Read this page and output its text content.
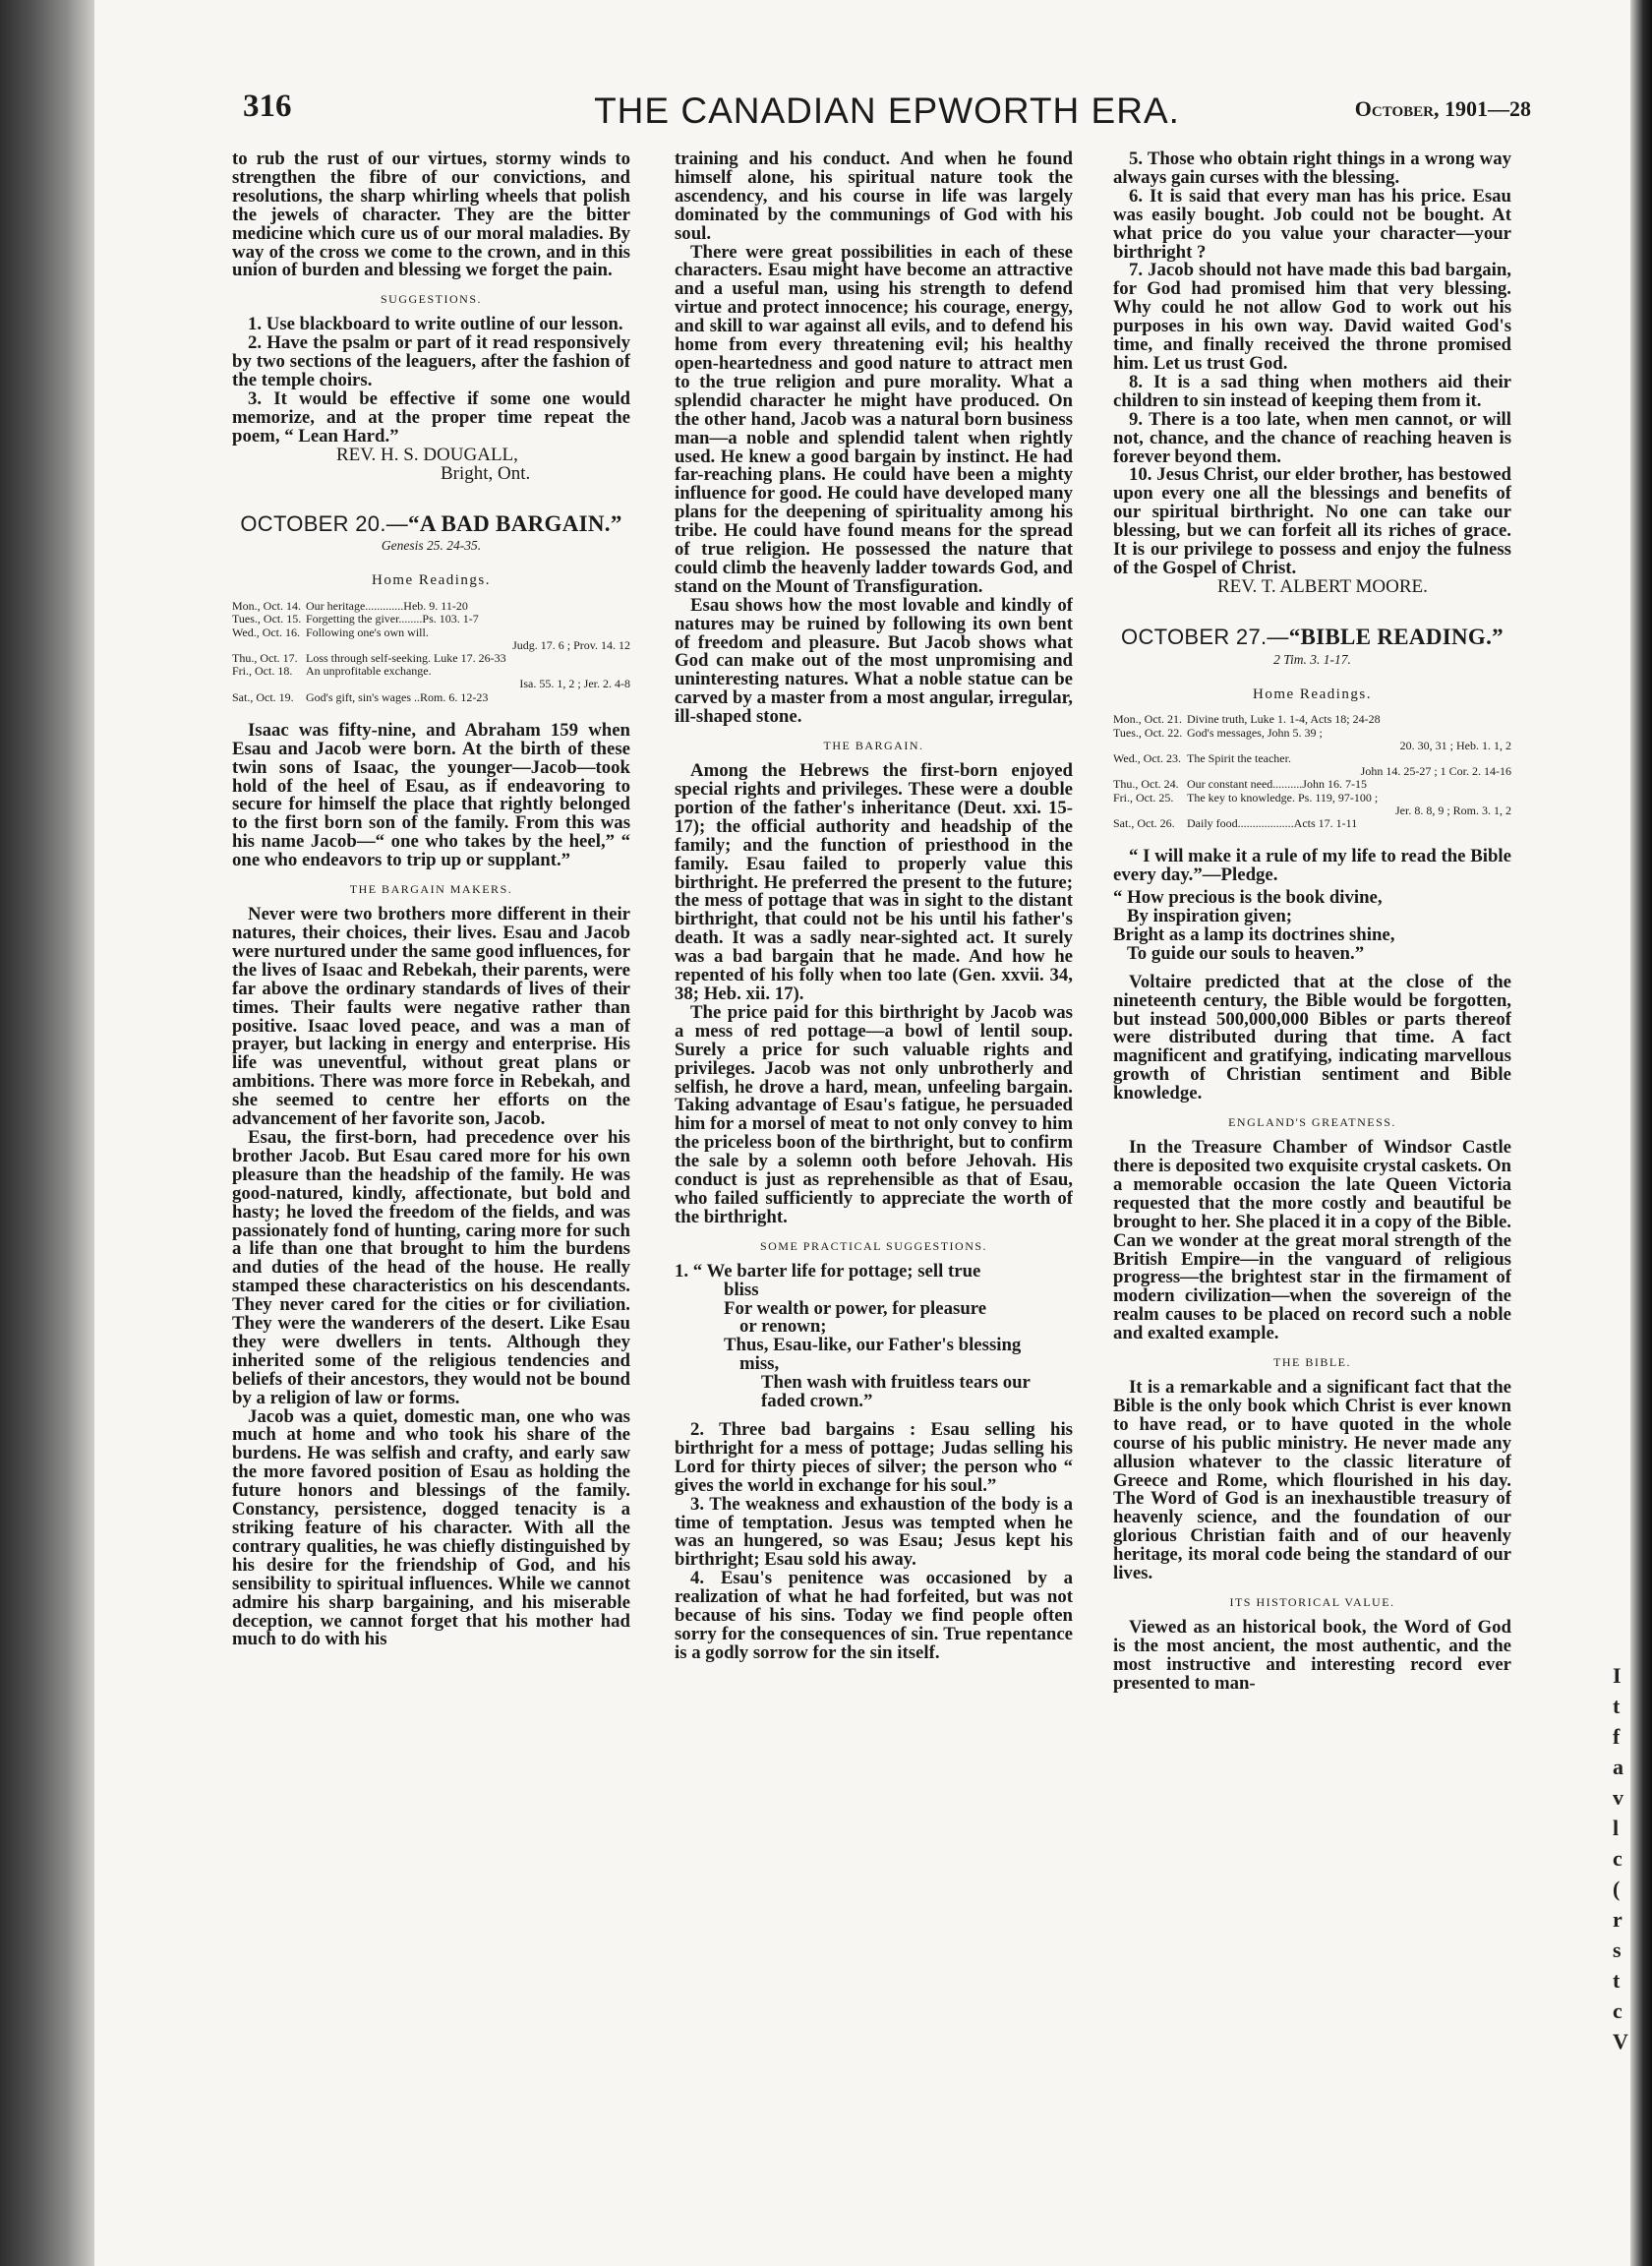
I
t
f
a
v
l
c
(
r
s
t
c
V
316	THE CANADIAN EPWORTH ERA.	October, 1901—28

to rub the rust of our virtues, stormy winds to strengthen the fibre of our convictions, and resolutions, the sharp whirling wheels that polish the jewels of character. They are the bitter medicine which cure us of our moral maladies. By way of the cross we come to the crown, and in this union of burden and blessing we forget the pain.

SUGGESTIONS.

1. Use blackboard to write outline of our lesson.

2. Have the psalm or part of it read responsively by two sections of the leaguers, after the fashion of the temple choirs.

3. It would be effective if some one would memorize, and at the proper time repeat the poem, “ Lean Hard.”

REV. H. S. DOUGALL,
Bright, Ont.
OCTOBER 20.—“A BAD BARGAIN.”
Genesis 25. 24-35.
Home Readings.
Mon., Oct. 14. Our heritage.............Heb. 9. 11-20
Tues., Oct. 15. Forgetting the giver........Ps. 103. 1-7
Wed., Oct. 16. Following one's own will.
Judg. 17. 6 ; Prov. 14. 12
Thu., Oct. 17. Loss through self-seeking. Luke 17. 26-33
Fri., Oct. 18.	An unprofitable exchange.
Isa. 55. 1, 2 ; Jer. 2. 4-8
Sat., Oct. 19.	God's gift, sin's wages ..Rom. 6. 12-23

Isaac was fifty-nine, and Abraham 159 when Esau and Jacob were born. At the birth of these twin sons of Isaac, the younger—Jacob—took hold of the heel of Esau, as if endeavoring to secure for himself the place that rightly belonged to the first born son of the family. From this was his name Jacob—“ one who takes by the heel,” “ one who endeavors to trip up or supplant.”

THE BARGAIN MAKERS.

Never were two brothers more different in their natures, their choices, their lives. Esau and Jacob were nurtured under the same good influences, for the lives of Isaac and Rebekah, their parents, were far above the ordinary standards of lives of their times. Their faults were negative rather than positive. Isaac loved peace, and was a man of prayer, but lacking in energy and enterprise. His life was uneventful, without great plans or ambitions. There was more force in Rebekah, and she seemed to centre her efforts on the advancement of her favorite son, Jacob.

Esau, the first-born, had precedence over his brother Jacob. But Esau cared more for his own pleasure than the headship of the family. He was good-natured, kindly, affectionate, but bold and hasty; he loved the freedom of the fields, and was passionately fond of hunting, caring more for such a life than one that brought to him the burdens and duties of the head of the house. He really stamped these characteristics on his descendants. They never cared for the cities or for civiliation. They were the wanderers of the desert. Like Esau they were dwellers in tents. Although they inherited some of the religious tendencies and beliefs of their ancestors, they would not be bound by a religion of law or forms.

Jacob was a quiet, domestic man, one who was much at home and who took his share of the burdens. He was selfish and crafty, and early saw the more favored position of Esau as holding the future honors and blessings of the family. Constancy, persistence, dogged tenacity is a striking feature of his character. With all the contrary qualities, he was chiefly distinguished by his desire for the friendship of God, and his sensibility to spiritual influences. While we cannot admire his sharp bargaining, and his miserable deception, we cannot forget that his mother had much to do with his

training and his conduct. And when he found himself alone, his spiritual nature took the ascendency, and his course in life was largely dominated by the communings of God with his soul.

There were great possibilities in each of these characters. Esau might have become an attractive and a useful man, using his strength to defend virtue and protect innocence; his courage, energy, and skill to war against all evils, and to defend his home from every threatening evil; his healthy open-heartedness and good nature to attract men to the true religion and pure morality. What a splendid character he might have produced. On the other hand, Jacob was a natural born business man—a noble and splendid talent when rightly used. He knew a good bargain by instinct. He had far-reaching plans. He could have been a mighty influence for good. He could have developed many plans for the deepening of spirituality among his tribe. He could have found means for the spread of true religion. He possessed the nature that could climb the heavenly ladder towards God, and stand on the Mount of Transfiguration.

Esau shows how the most lovable and kindly of natures may be ruined by following its own bent of freedom and pleasure. But Jacob shows what God can make out of the most unpromising and uninteresting natures. What a noble statue can be carved by a master from a most angular, irregular, ill-shaped stone.

THE BARGAIN.

Among the Hebrews the first-born enjoyed special rights and privileges. These were a double portion of the father's inheritance (Deut. xxi. 15-17); the official authority and headship of the family; and the function of priesthood in the family. Esau failed to properly value this birthright. He preferred the present to the future; the mess of pottage that was in sight to the distant birthright, that could not be his until his father's death. It was a sadly near-sighted act. It surely was a bad bargain that he made. And how he repented of his folly when too late (Gen. xxvii. 34, 38; Heb. xii. 17).

The price paid for this birthright by Jacob was a mess of red pottage—a bowl of lentil soup. Surely a price for such valuable rights and privileges. Jacob was not only unbrotherly and selfish, he drove a hard, mean, unfeeling bargain. Taking advantage of Esau's fatigue, he persuaded him for a morsel of meat to not only convey to him the priceless boon of the birthright, but to confirm the sale by a solemn ooth before Jehovah. His conduct is just as reprehensible as that of Esau, who failed sufficiently to appreciate the worth of the birthright.

SOME PRACTICAL SUGGESTIONS.
1. “ We barter life for pottage; sell true
bliss
For wealth or power, for pleasure
or renown;
Thus, Esau-like, our Father's blessing
miss,
Then wash with fruitless tears our
faded crown.”

2. Three bad bargains : Esau selling his birthright for a mess of pottage; Judas selling his Lord for thirty pieces of silver; the person who “ gives the world in exchange for his soul.”

3. The weakness and exhaustion of the body is a time of temptation. Jesus was tempted when he was an hungered, so was Esau; Jesus kept his birthright; Esau sold his away.

4. Esau's penitence was occasioned by a realization of what he had forfeited, but was not because of his sins. Today we find people often sorry for the consequences of sin. True repentance is a godly sorrow for the sin itself.

5. Those who obtain right things in a wrong way always gain curses with the blessing.

6. It is said that every man has his price. Esau was easily bought. Job could not be bought. At what price do you value your character—your birthright ?

7. Jacob should not have made this bad bargain, for God had promised him that very blessing. Why could he not allow God to work out his purposes in his own way. David waited God's time, and finally received the throne promised him. Let us trust God.

8. It is a sad thing when mothers aid their children to sin instead of keeping them from it.

9. There is a too late, when men cannot, or will not, chance, and the chance of reaching heaven is forever beyond them.

10. Jesus Christ, our elder brother, has bestowed upon every one all the blessings and benefits of our spiritual birthright. No one can take our blessing, but we can forfeit all its riches of grace. It is our privilege to possess and enjoy the fulness of the Gospel of Christ.

REV. T. ALBERT MOORE.
OCTOBER 27.—“BIBLE READING.”
2 Tim. 3. 1-17.
Home Readings.
Mon., Oct. 21. Divine truth, Luke 1. 1-4, Acts 18; 24-28
Tues., Oct. 22. God's messages, John 5. 39 ;
20. 30, 31 ; Heb. 1. 1, 2
Wed., Oct. 23. The Spirit the teacher.
John 14. 25-27 ; 1 Cor. 2. 14-16
Thu., Oct. 24. Our constant need..........John 16. 7-15
Fri., Oct. 25.	The key to knowledge. Ps. 119, 97-100 ;
Jer. 8. 8, 9 ; Rom. 3. 1, 2
Sat., Oct. 26.	Daily food...................Acts 17. 1-11

“ I will make it a rule of my life to read the Bible every day.”—Pledge.

“ How precious is the book divine,
By inspiration given;
Bright as a lamp its doctrines shine,
To guide our souls to heaven.”

Voltaire predicted that at the close of the nineteenth century, the Bible would be forgotten, but instead 500,000,000 Bibles or parts thereof were distributed during that time. A fact magnificent and gratifying, indicating marvellous growth of Christian sentiment and Bible knowledge.

ENGLAND'S GREATNESS.

In the Treasure Chamber of Windsor Castle there is deposited two exquisite crystal caskets. On a memorable occasion the late Queen Victoria requested that the more costly and beautiful be brought to her. She placed it in a copy of the Bible. Can we wonder at the great moral strength of the British Empire—in the vanguard of religious progress—the brightest star in the firmament of modern civilization—when the sovereign of the realm causes to be placed on record such a noble and exalted example.

THE BIBLE.

It is a remarkable and a significant fact that the Bible is the only book which Christ is ever known to have read, or to have quoted in the whole course of his public ministry. He never made any allusion whatever to the classic literature of Greece and Rome, which flourished in his day. The Word of God is an inexhaustible treasury of heavenly science, and the foundation of our glorious Christian faith and of our heavenly heritage, its moral code being the standard of our lives.

ITS HISTORICAL VALUE.

Viewed as an historical book, the Word of God is the most ancient, the most authentic, and the most instructive and interesting record ever presented to man-
